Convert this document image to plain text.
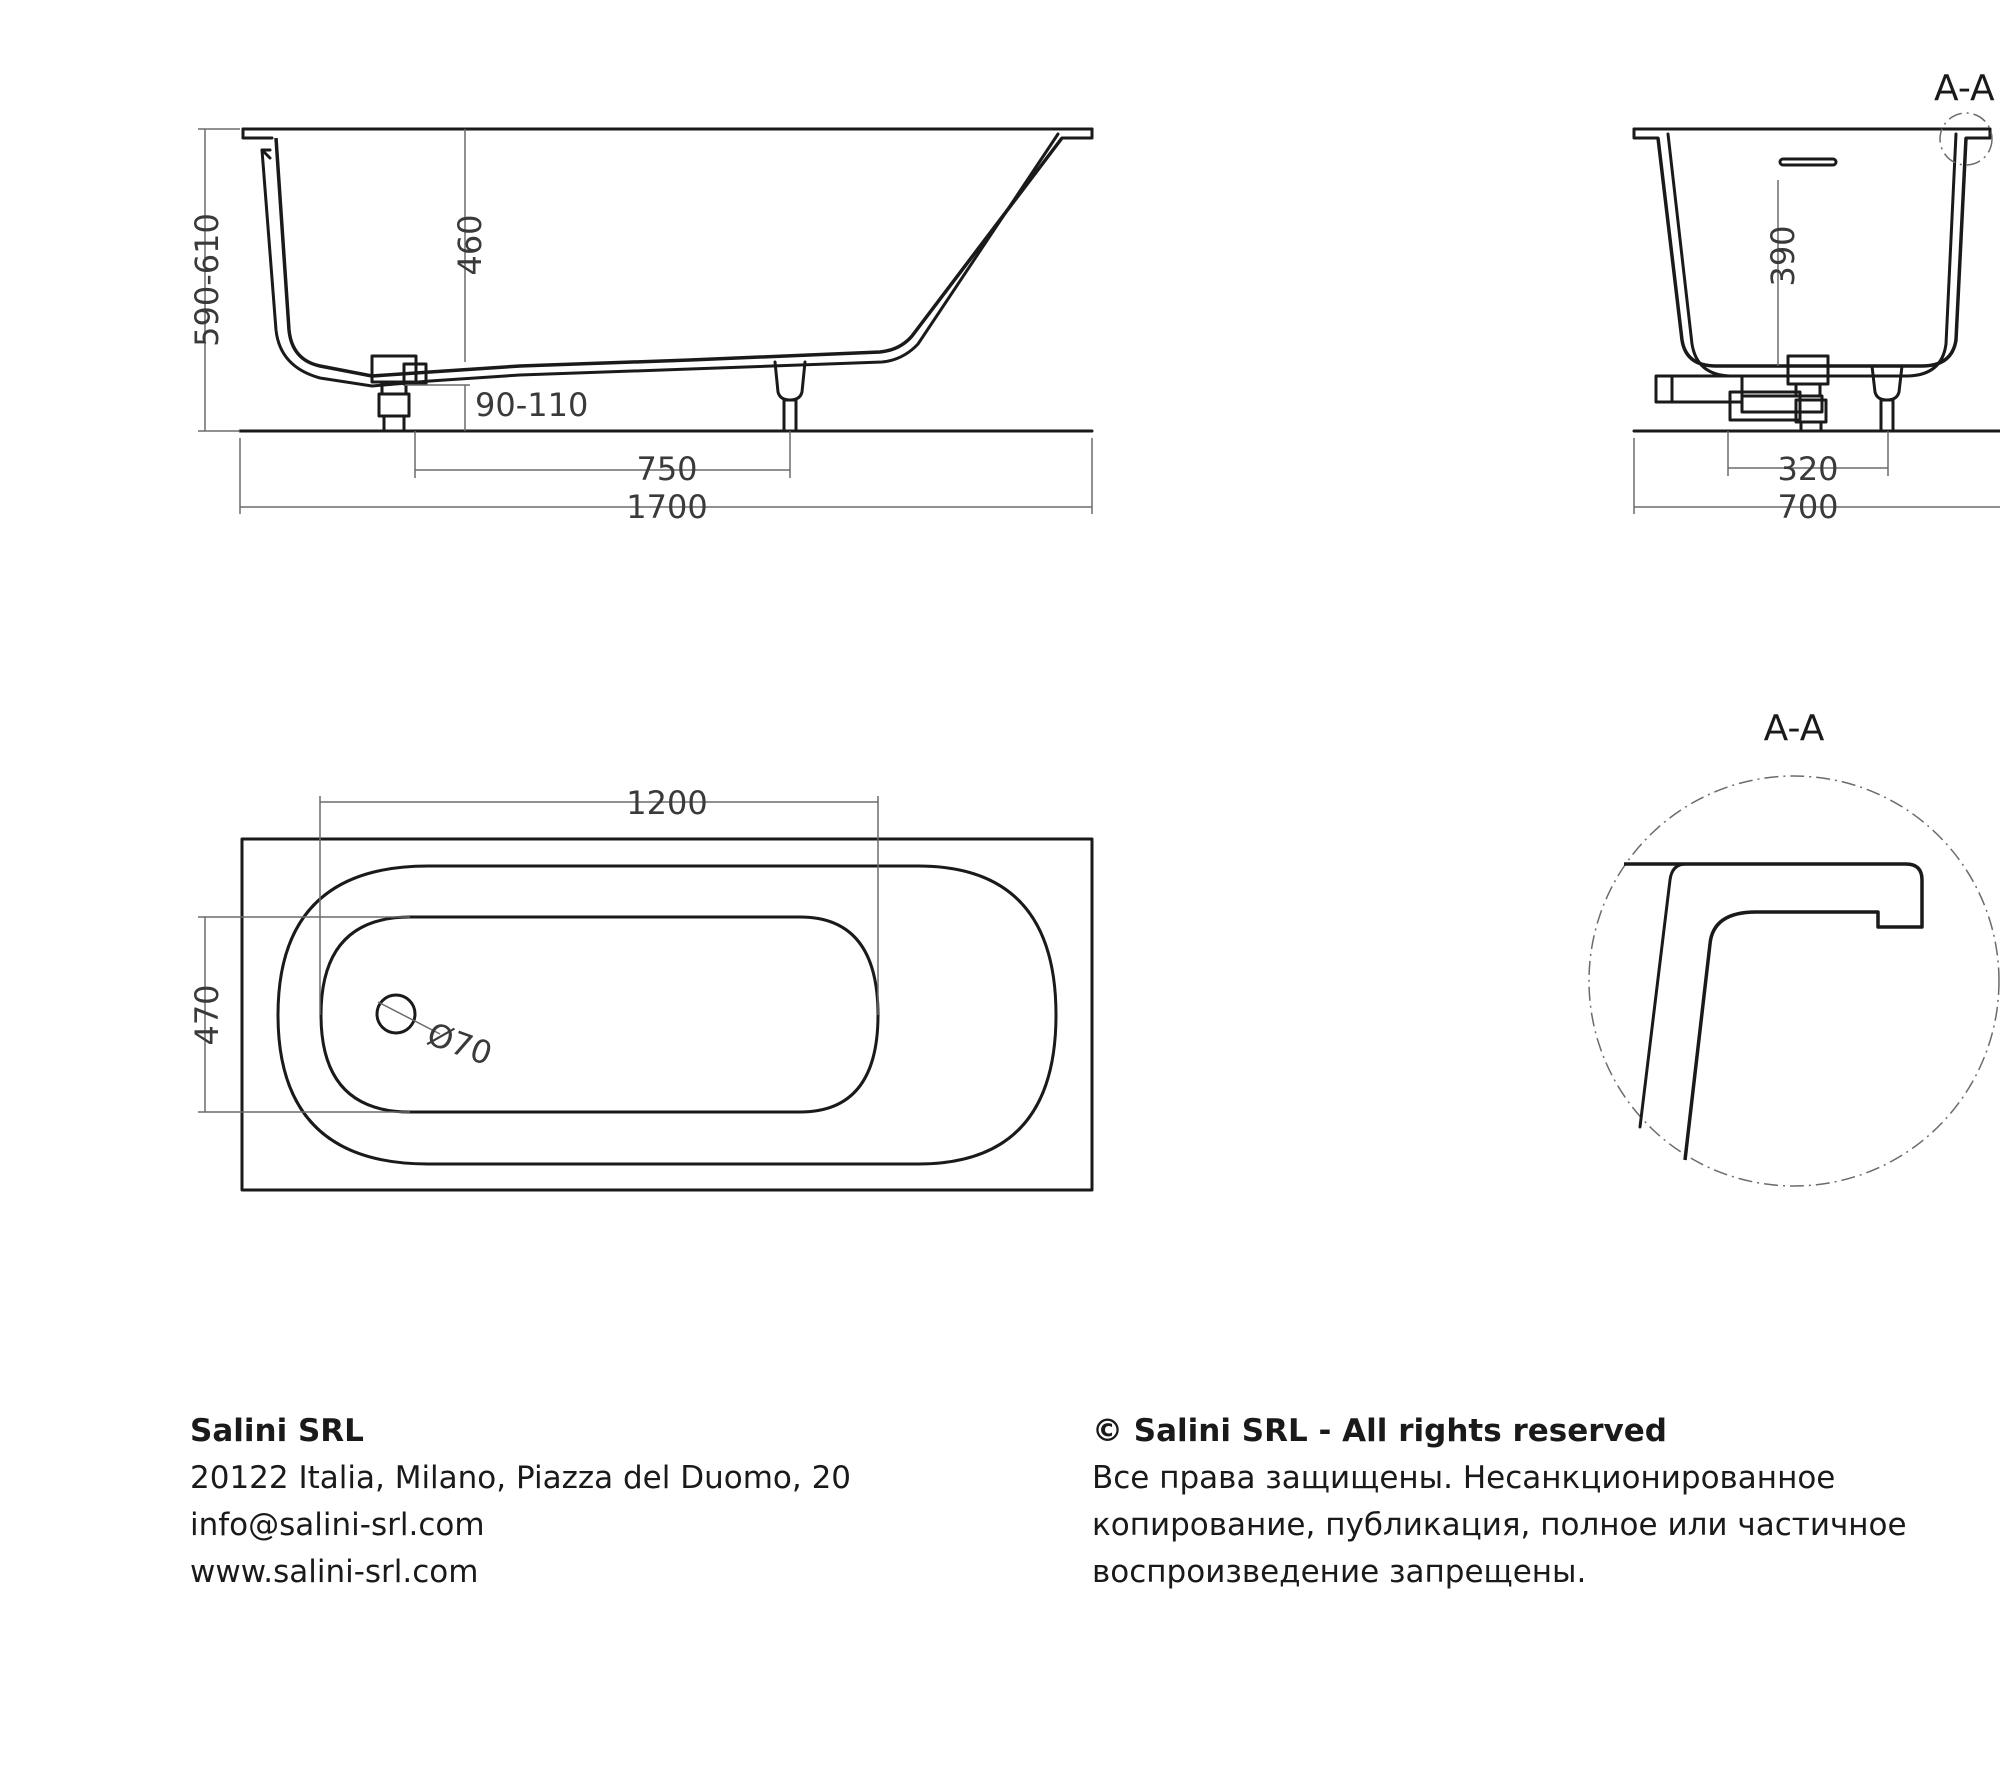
590-610	460
90-110
750
1700
A-A
390
320
700
1200
470	Ø70
A-A
Salini SRL
20122 Italia, Milano, Piazza del Duomo, 20
info@salini-srl.com
www.salini-srl.com
© Salini SRL - All rights reserved
Все права защищены. Несанкционированное
копирование, публикация, полное или частичное
воспроизведение запрещены.
